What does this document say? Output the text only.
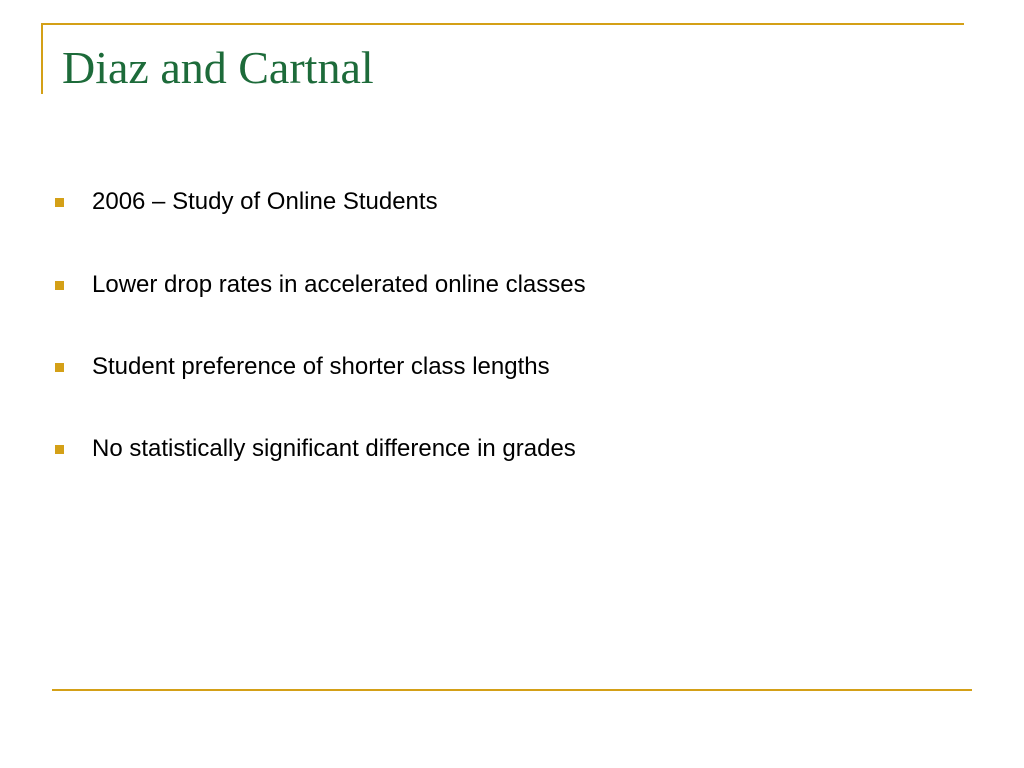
Diaz and Cartnal
2006 – Study of Online Students
Lower drop rates in accelerated online classes
Student preference of shorter class lengths
No statistically significant difference in grades
